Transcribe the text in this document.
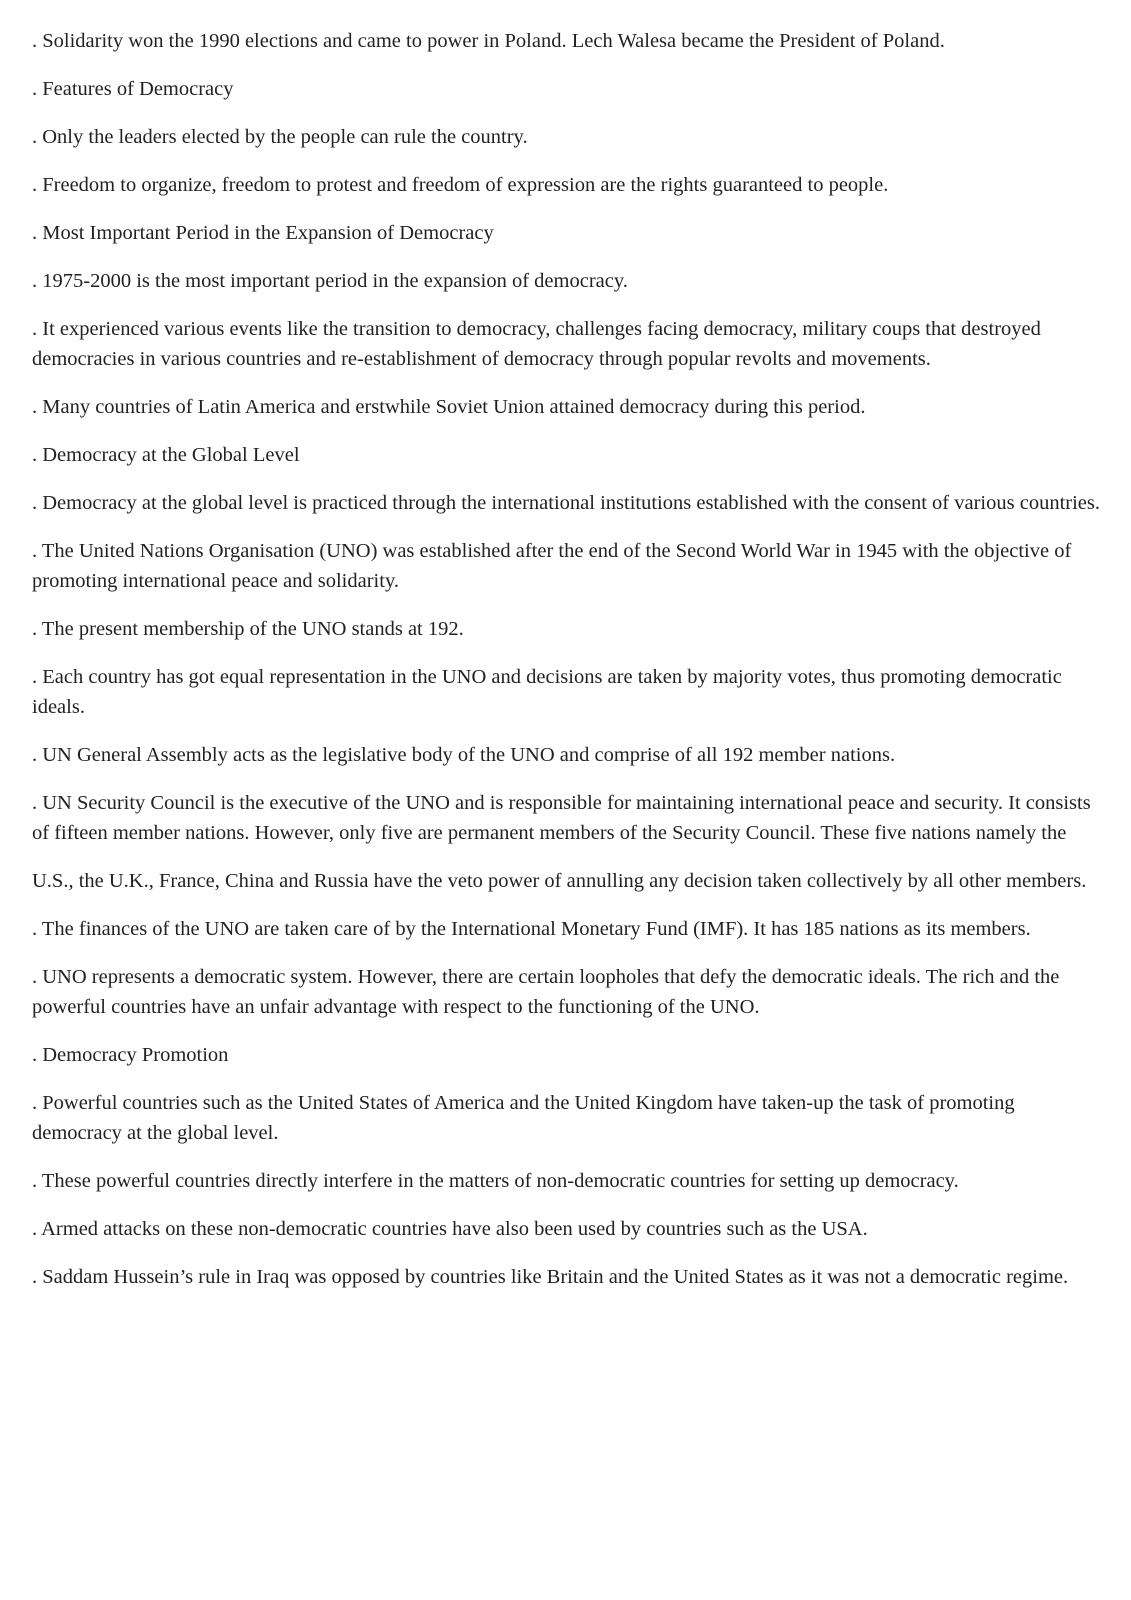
. Solidarity won the 1990 elections and came to power in Poland. Lech Walesa became the President of Poland.

. Features of Democracy

. Only the leaders elected by the people can rule the country.

. Freedom to organize, freedom to protest and freedom of expression are the rights guaranteed to people.

. Most Important Period in the Expansion of Democracy

. 1975-2000 is the most important period in the expansion of democracy.

. It experienced various events like the transition to democracy, challenges facing democracy, military coups that destroyed democracies in various countries and re-establishment of democracy through popular revolts and movements.

. Many countries of Latin America and erstwhile Soviet Union attained democracy during this period.

. Democracy at the Global Level

. Democracy at the global level is practiced through the international institutions established with the consent of various countries.

. The United Nations Organisation (UNO) was established after the end of the Second World War in 1945 with the objective of promoting international peace and solidarity.

. The present membership of the UNO stands at 192.

. Each country has got equal representation in the UNO and decisions are taken by majority votes, thus promoting democratic ideals.

. UN General Assembly acts as the legislative body of the UNO and comprise of all 192 member nations.

. UN Security Council is the executive of the UNO and is responsible for maintaining international peace and security. It consists of fifteen member nations. However, only five are permanent members of the Security Council. These five nations namely the

U.S., the U.K., France, China and Russia have the veto power of annulling any decision taken collectively by all other members.

. The finances of the UNO are taken care of by the International Monetary Fund (IMF). It has 185 nations as its members.

. UNO represents a democratic system. However, there are certain loopholes that defy the democratic ideals. The rich and the powerful countries have an unfair advantage with respect to the functioning of the UNO.

. Democracy Promotion

. Powerful countries such as the United States of America and the United Kingdom have taken-up the task of promoting democracy at the global level.

. These powerful countries directly interfere in the matters of non-democratic countries for setting up democracy.

. Armed attacks on these non-democratic countries have also been used by countries such as the USA.

. Saddam Hussein’s rule in Iraq was opposed by countries like Britain and the United States as it was not a democratic regime.
